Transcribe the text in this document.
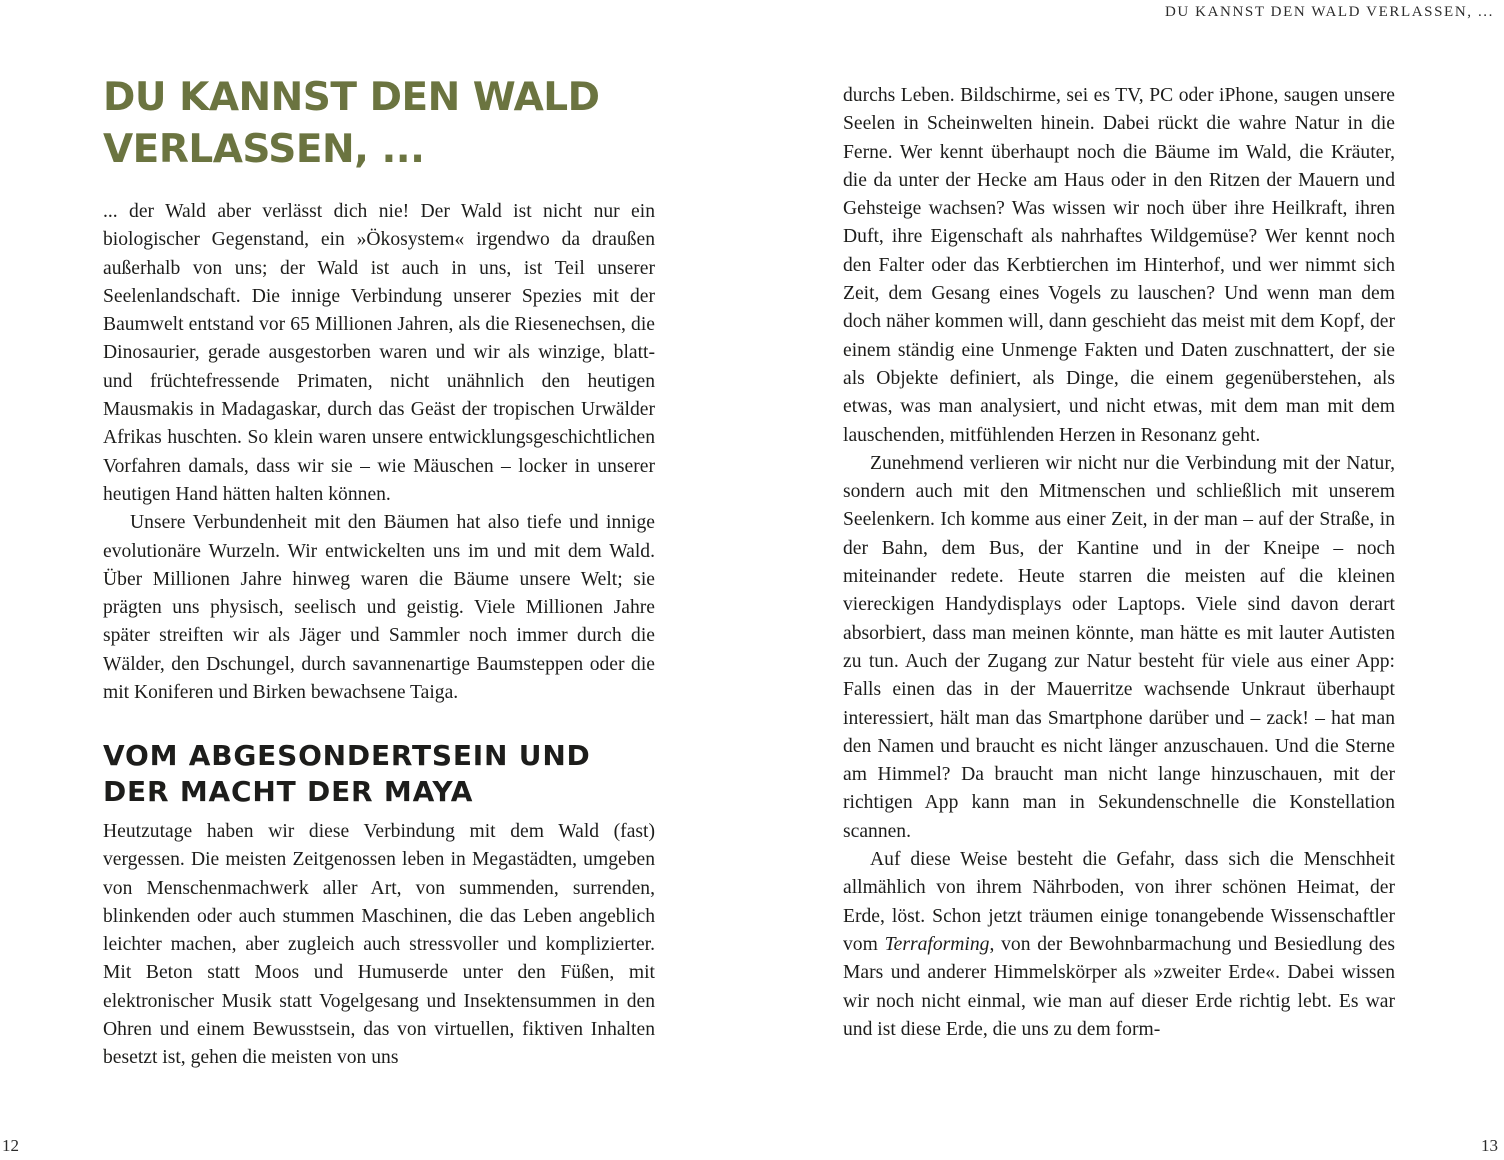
DU KANNST DEN WALD VERLASSEN, ...
DU KANNST DEN WALD
VERLASSEN, ...

... der Wald aber verlässt dich nie! Der Wald ist nicht nur ein biologischer Gegenstand, ein »Ökosystem« irgendwo da draußen außerhalb von uns; der Wald ist auch in uns, ist Teil unserer Seelenlandschaft. Die innige Verbindung unserer Spezies mit der Baumwelt entstand vor 65 Millionen Jahren, als die Riesenechsen, die Dinosaurier, gerade ausgestorben waren und wir als winzige, blatt- und früchtefressende Primaten, nicht unähnlich den heutigen Mausmakis in Madagaskar, durch das Geäst der tropischen Urwälder Afrikas huschten. So klein waren unsere entwicklungsgeschichtlichen Vorfahren damals, dass wir sie – wie Mäuschen – locker in unserer heutigen Hand hätten halten können.

Unsere Verbundenheit mit den Bäumen hat also tiefe und innige evolutionäre Wurzeln. Wir entwickelten uns im und mit dem Wald. Über Millionen Jahre hinweg waren die Bäume unsere Welt; sie prägten uns physisch, seelisch und geistig. Viele Millionen Jahre später streiften wir als Jäger und Sammler noch immer durch die Wälder, den Dschungel, durch savannenartige Baumsteppen oder die mit Koniferen und Birken bewachsene Taiga.

VOM ABGESONDERTSEIN UND
DER MACHT DER MAYA

Heutzutage haben wir diese Verbindung mit dem Wald (fast) vergessen. Die meisten Zeitgenossen leben in Megastädten, umgeben von Menschenmachwerk aller Art, von summenden, surrenden, blinkenden oder auch stummen Maschinen, die das Leben angeblich leichter machen, aber zugleich auch stressvoller und komplizierter. Mit Beton statt Moos und Humuserde unter den Füßen, mit elektronischer Musik statt Vogelgesang und Insektensummen in den Ohren und einem Bewusstsein, das von virtuellen, fiktiven Inhalten besetzt ist, gehen die meisten von uns

durchs Leben. Bildschirme, sei es TV, PC oder iPhone, saugen unsere Seelen in Scheinwelten hinein. Dabei rückt die wahre Natur in die Ferne. Wer kennt überhaupt noch die Bäume im Wald, die Kräuter, die da unter der Hecke am Haus oder in den Ritzen der Mauern und Gehsteige wachsen? Was wissen wir noch über ihre Heilkraft, ihren Duft, ihre Eigenschaft als nahrhaftes Wildgemüse? Wer kennt noch den Falter oder das Kerbtierchen im Hinterhof, und wer nimmt sich Zeit, dem Gesang eines Vogels zu lauschen? Und wenn man dem doch näher kommen will, dann geschieht das meist mit dem Kopf, der einem ständig eine Unmenge Fakten und Daten zuschnattert, der sie als Objekte definiert, als Dinge, die einem gegenüberstehen, als etwas, was man analysiert, und nicht etwas, mit dem man mit dem lauschenden, mitfühlenden Herzen in Resonanz geht.

Zunehmend verlieren wir nicht nur die Verbindung mit der Natur, sondern auch mit den Mitmenschen und schließlich mit unserem Seelenkern. Ich komme aus einer Zeit, in der man – auf der Straße, in der Bahn, dem Bus, der Kantine und in der Kneipe – noch miteinander redete. Heute starren die meisten auf die kleinen viereckigen Handydisplays oder Laptops. Viele sind davon derart absorbiert, dass man meinen könnte, man hätte es mit lauter Autisten zu tun. Auch der Zugang zur Natur besteht für viele aus einer App: Falls einen das in der Mauerritze wachsende Unkraut überhaupt interessiert, hält man das Smartphone darüber und – zack! – hat man den Namen und braucht es nicht länger anzuschauen. Und die Sterne am Himmel? Da braucht man nicht lange hinzuschauen, mit der richtigen App kann man in Sekundenschnelle die Konstellation scannen.

Auf diese Weise besteht die Gefahr, dass sich die Menschheit allmählich von ihrem Nährboden, von ihrer schönen Heimat, der Erde, löst. Schon jetzt träumen einige tonangebende Wissenschaftler vom Terraforming, von der Bewohnbarmachung und Besiedlung des Mars und anderer Himmelskörper als »zweiter Erde«. Dabei wissen wir noch nicht einmal, wie man auf dieser Erde richtig lebt. Es war und ist diese Erde, die uns zu dem form-

12	13
